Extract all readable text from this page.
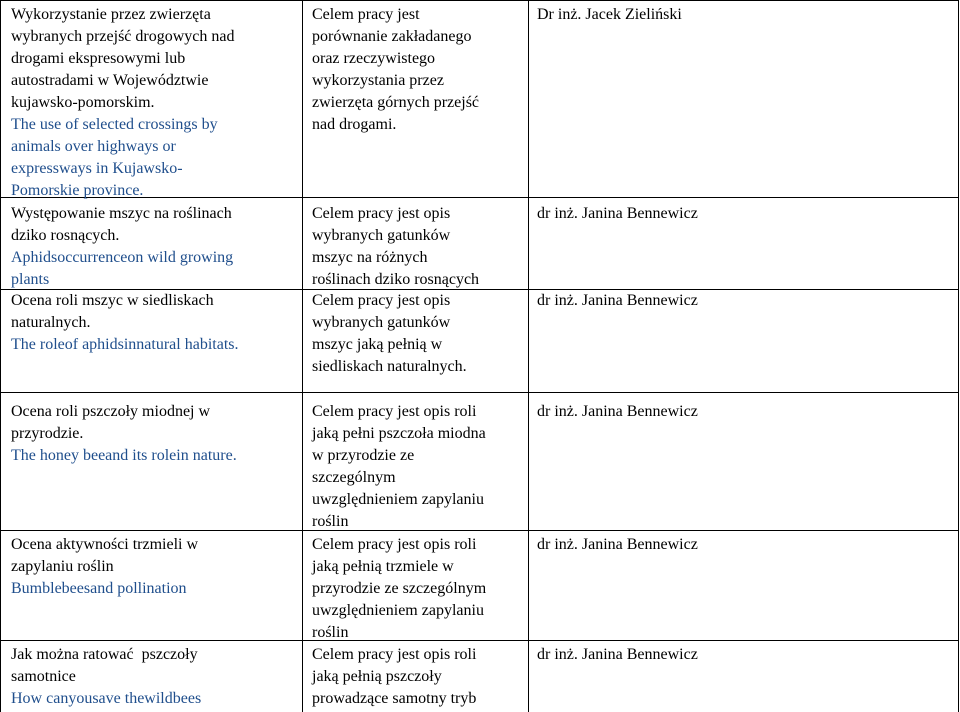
Wykorzystanie przez zwierzęta
wybranych przejść drogowych nad
drogami ekspresowymi lub
autostradami w Województwie
kujawsko-pomorskim.
The use of selected crossings by
animals over highways or
expressways in Kujawsko-
Pomorskie province.
Celem pracy jest
porównanie zakładanego
oraz rzeczywistego
wykorzystania przez
zwierzęta górnych przejść
nad drogami.
Dr inż. Jacek Zieliński
Występowanie mszyc na roślinach
dziko rosnących.
Aphidsoccurrenceon wild growing
plants
Celem pracy jest opis
wybranych gatunków
mszyc na różnych
roślinach dziko rosnących
dr inż. Janina Bennewicz
Ocena roli mszyc w siedliskach
naturalnych.
The roleof aphidsinnatural habitats.
Celem pracy jest opis
wybranych gatunków
mszyc jaką pełnią w
siedliskach naturalnych.
dr inż. Janina Bennewicz
Ocena roli pszczoły miodnej w
przyrodzie.
The honey beeand its rolein nature.
Celem pracy jest opis roli
jaką pełni pszczoła miodna
w przyrodzie ze
szczególnym
uwzględnieniem zapylaniu
roślin
dr inż. Janina Bennewicz
Ocena aktywności trzmieli w
zapylaniu roślin
Bumblebeesand pollination
Celem pracy jest opis roli
jaką pełnią trzmiele w
przyrodzie ze szczególnym
uwzględnieniem zapylaniu
roślin
dr inż. Janina Bennewicz
Jak można ratować  pszczoły
samotnice
How canyousave thewildbees
Celem pracy jest opis roli
jaką pełnią pszczoły
prowadzące samotny tryb
dr inż. Janina Bennewicz
